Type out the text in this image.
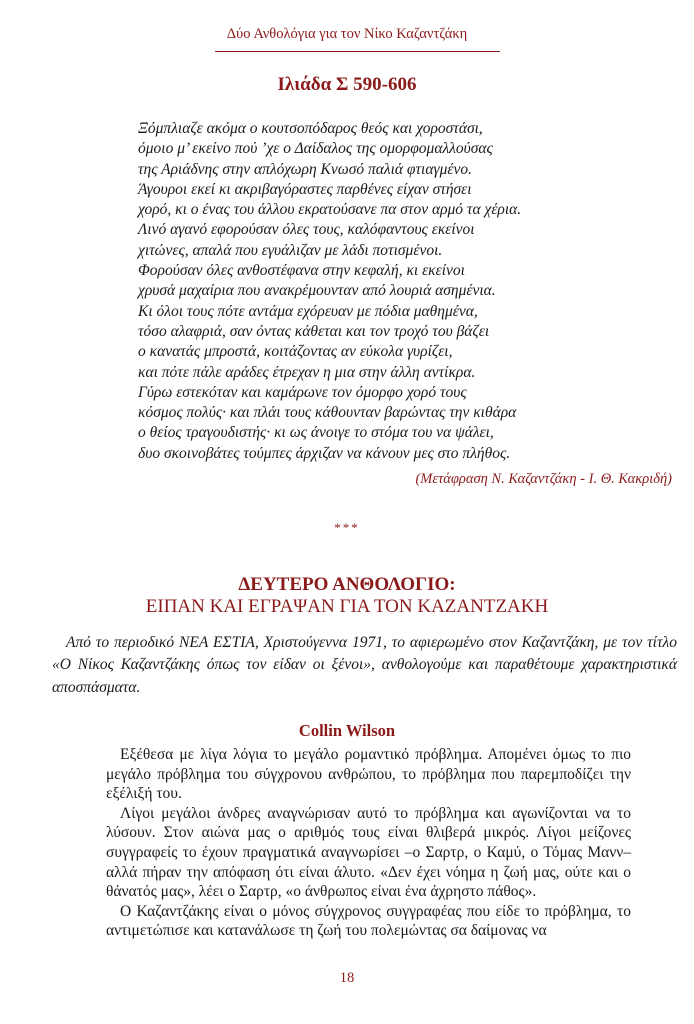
Δύο Ανθολόγια για τον Νίκο Καζαντζάκη
Ιλιάδα Σ 590-606
Ξόμπλιαζε ακόμα ο κουτσοπόδαρος θεός και χοροστάσι,
όμοιο μ’ εκείνο πού ’χε ο Δαίδαλος της ομορφομαλλούσας
της Αριάδνης στην απλόχωρη Κνωσό παλιά φτιαγμένο.
Άγουροι εκεί κι ακριβαγόραστες παρθένες είχαν στήσει
χορό, κι ο ένας του άλλου εκρατούσανε πα στον αρμό τα χέρια.
Λινό αγανό εφορούσαν όλες τους, καλόφαντους εκείνοι
χιτώνες, απαλά που εγυάλιζαν με λάδι ποτισμένοι.
Φορούσαν όλες ανθοστέφανα στην κεφαλή, κι εκείνοι
χρυσά μαχαίρια που ανακρέμουνταν από λουριά ασημένια.
Κι όλοι τους πότε αντάμα εχόρευαν με πόδια μαθημένα,
τόσο αλαφριά, σαν όντας κάθεται και τον τροχό του βάζει
ο κανατάς μπροστά, κοιτάζοντας αν εύκολα γυρίζει,
και πότε πάλε αράδες έτρεχαν η μια στην άλλη αντίκρα.
Γύρω εστεκόταν και καμάρωνε τον όμορφο χορό τους
κόσμος πολύς· και πλάι τους κάθουνταν βαρώντας την κιθάρα
ο θείος τραγουδιστής· κι ως άνοιγε το στόμα του να ψάλει,
δυο σκοινοβάτες τούμπες άρχιζαν να κάνουν μες στο πλήθος.
(Μετάφραση Ν. Καζαντζάκη - Ι. Θ. Κακριδή)
***
ΔΕΥΤΕΡΟ ΑΝΘΟΛΟΓΙΟ:
ΕΙΠΑΝ ΚΑΙ ΕΓΡΑΨΑΝ ΓΙΑ ΤΟΝ ΚΑΖΑΝΤΖΑΚΗ
Από το περιοδικό ΝΕΑ ΕΣΤΙΑ, Χριστούγεννα 1971, το αφιερωμένο στον Καζαντζάκη, με τον τίτλο «Ο Νίκος Καζαντζάκης όπως τον είδαν οι ξένοι», ανθολογούμε και παραθέτουμε χαρακτηριστικά αποσπάσματα.
Collin Wilson

Εξέθεσα με λίγα λόγια το μεγάλο ρομαντικό πρόβλημα. Απομένει όμως το πιο μεγάλο πρόβλημα του σύγχρονου ανθρώπου, το πρόβλημα που παρεμποδίζει την εξέλιξή του.

Λίγοι μεγάλοι άνδρες αναγνώρισαν αυτό το πρόβλημα και αγωνίζονται να το λύσουν. Στον αιώνα μας ο αριθμός τους είναι θλιβερά μικρός. Λίγοι μείζονες συγγραφείς το έχουν πραγματικά αναγνωρίσει –ο Σαρτρ, ο Καμύ, ο Τόμας Μανν– αλλά πήραν την απόφαση ότι είναι άλυτο. «Δεν έχει νόημα η ζωή μας, ούτε και ο θάνατός μας», λέει ο Σαρτρ, «ο άνθρωπος είναι ένα άχρηστο πάθος».

Ο Καζαντζάκης είναι ο μόνος σύγχρονος συγγραφέας που είδε το πρόβλημα, το αντιμετώπισε και κατανάλωσε τη ζωή του πολεμώντας σα δαίμονας να

18
